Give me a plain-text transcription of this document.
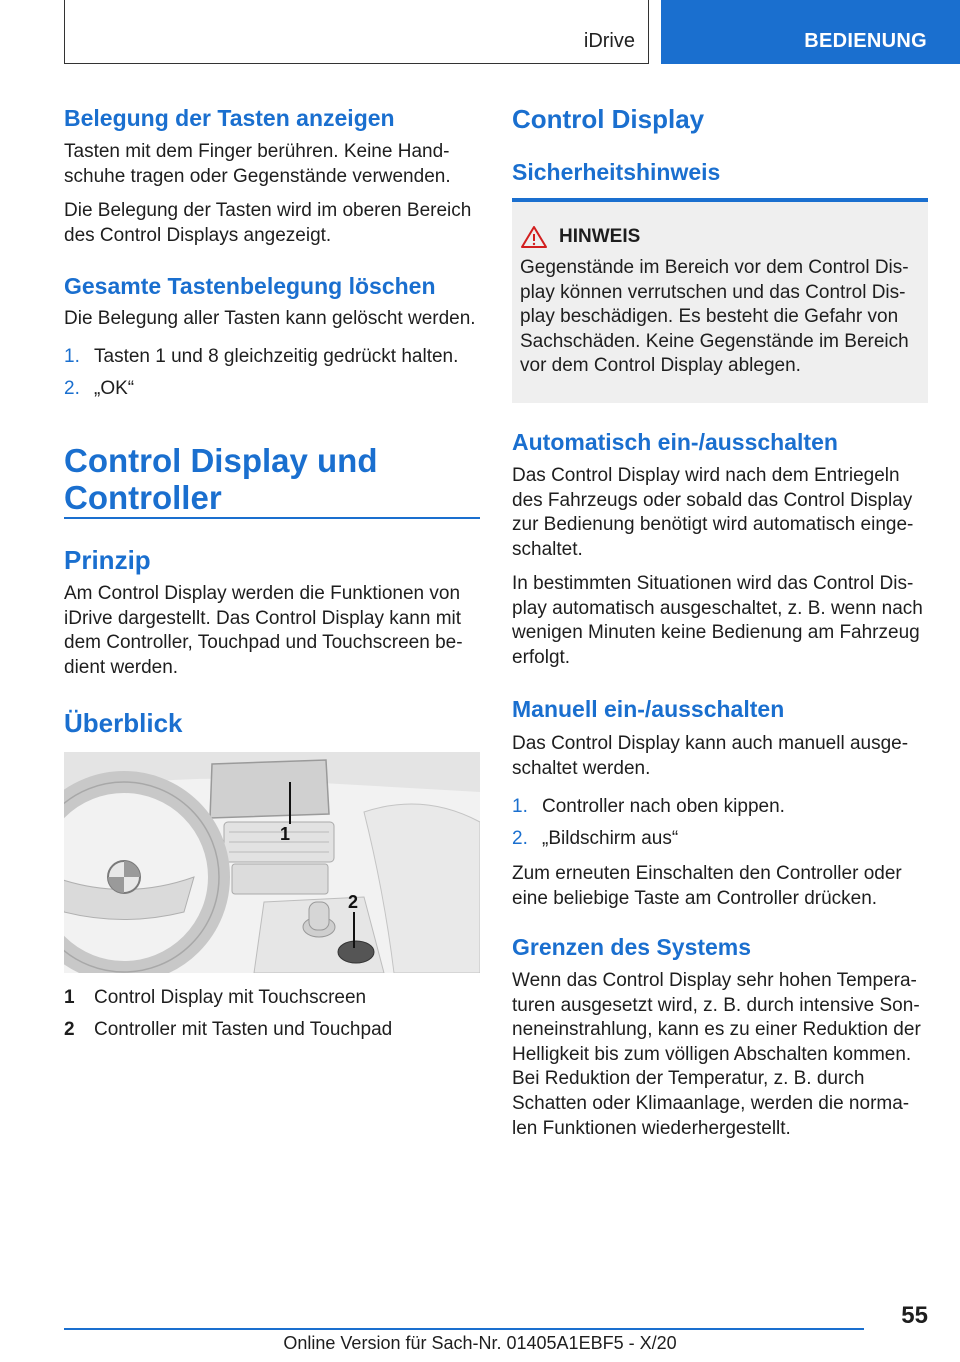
iDrive	BEDIENUNG
Belegung der Tasten anzeigen
Tasten mit dem Finger berühren. Keine Hand-
schuhe tragen oder Gegenstände verwenden.
Die Belegung der Tasten wird im oberen Bereich
des Control Displays angezeigt.
Gesamte Tastenbelegung löschen
Die Belegung aller Tasten kann gelöscht werden.
1. Tasten 1 und 8 gleichzeitig gedrückt halten.
2. „OK“
Control Display und
Controller
Prinzip
Am Control Display werden die Funktionen von
iDrive dargestellt. Das Control Display kann mit
dem Controller, Touchpad und Touchscreen be-
dient werden.
Überblick
1
2
1 Control Display mit Touchscreen
2 Controller mit Tasten und Touchpad
Control Display
Sicherheitshinweis
HINWEIS
Gegenstände im Bereich vor dem Control Dis-
play können verrutschen und das Control Dis-
play beschädigen. Es besteht die Gefahr von
Sachschäden. Keine Gegenstände im Bereich
vor dem Control Display ablegen.
Automatisch ein-/ausschalten
Das Control Display wird nach dem Entriegeln
des Fahrzeugs oder sobald das Control Display
zur Bedienung benötigt wird automatisch einge-
schaltet.
In bestimmten Situationen wird das Control Dis-
play automatisch ausgeschaltet, z. B. wenn nach
wenigen Minuten keine Bedienung am Fahrzeug
erfolgt.
Manuell ein-/ausschalten
Das Control Display kann auch manuell ausge-
schaltet werden.
1. Controller nach oben kippen.
2. „Bildschirm aus“
Zum erneuten Einschalten den Controller oder
eine beliebige Taste am Controller drücken.
Grenzen des Systems
Wenn das Control Display sehr hohen Tempera-
turen ausgesetzt wird, z. B. durch intensive Son-
neneinstrahlung, kann es zu einer Reduktion der
Helligkeit bis zum völligen Abschalten kommen.
Bei Reduktion der Temperatur, z. B. durch
Schatten oder Klimaanlage, werden die norma-
len Funktionen wiederhergestellt.
55
Online Version für Sach-Nr. 01405A1EBF5 - X/20
